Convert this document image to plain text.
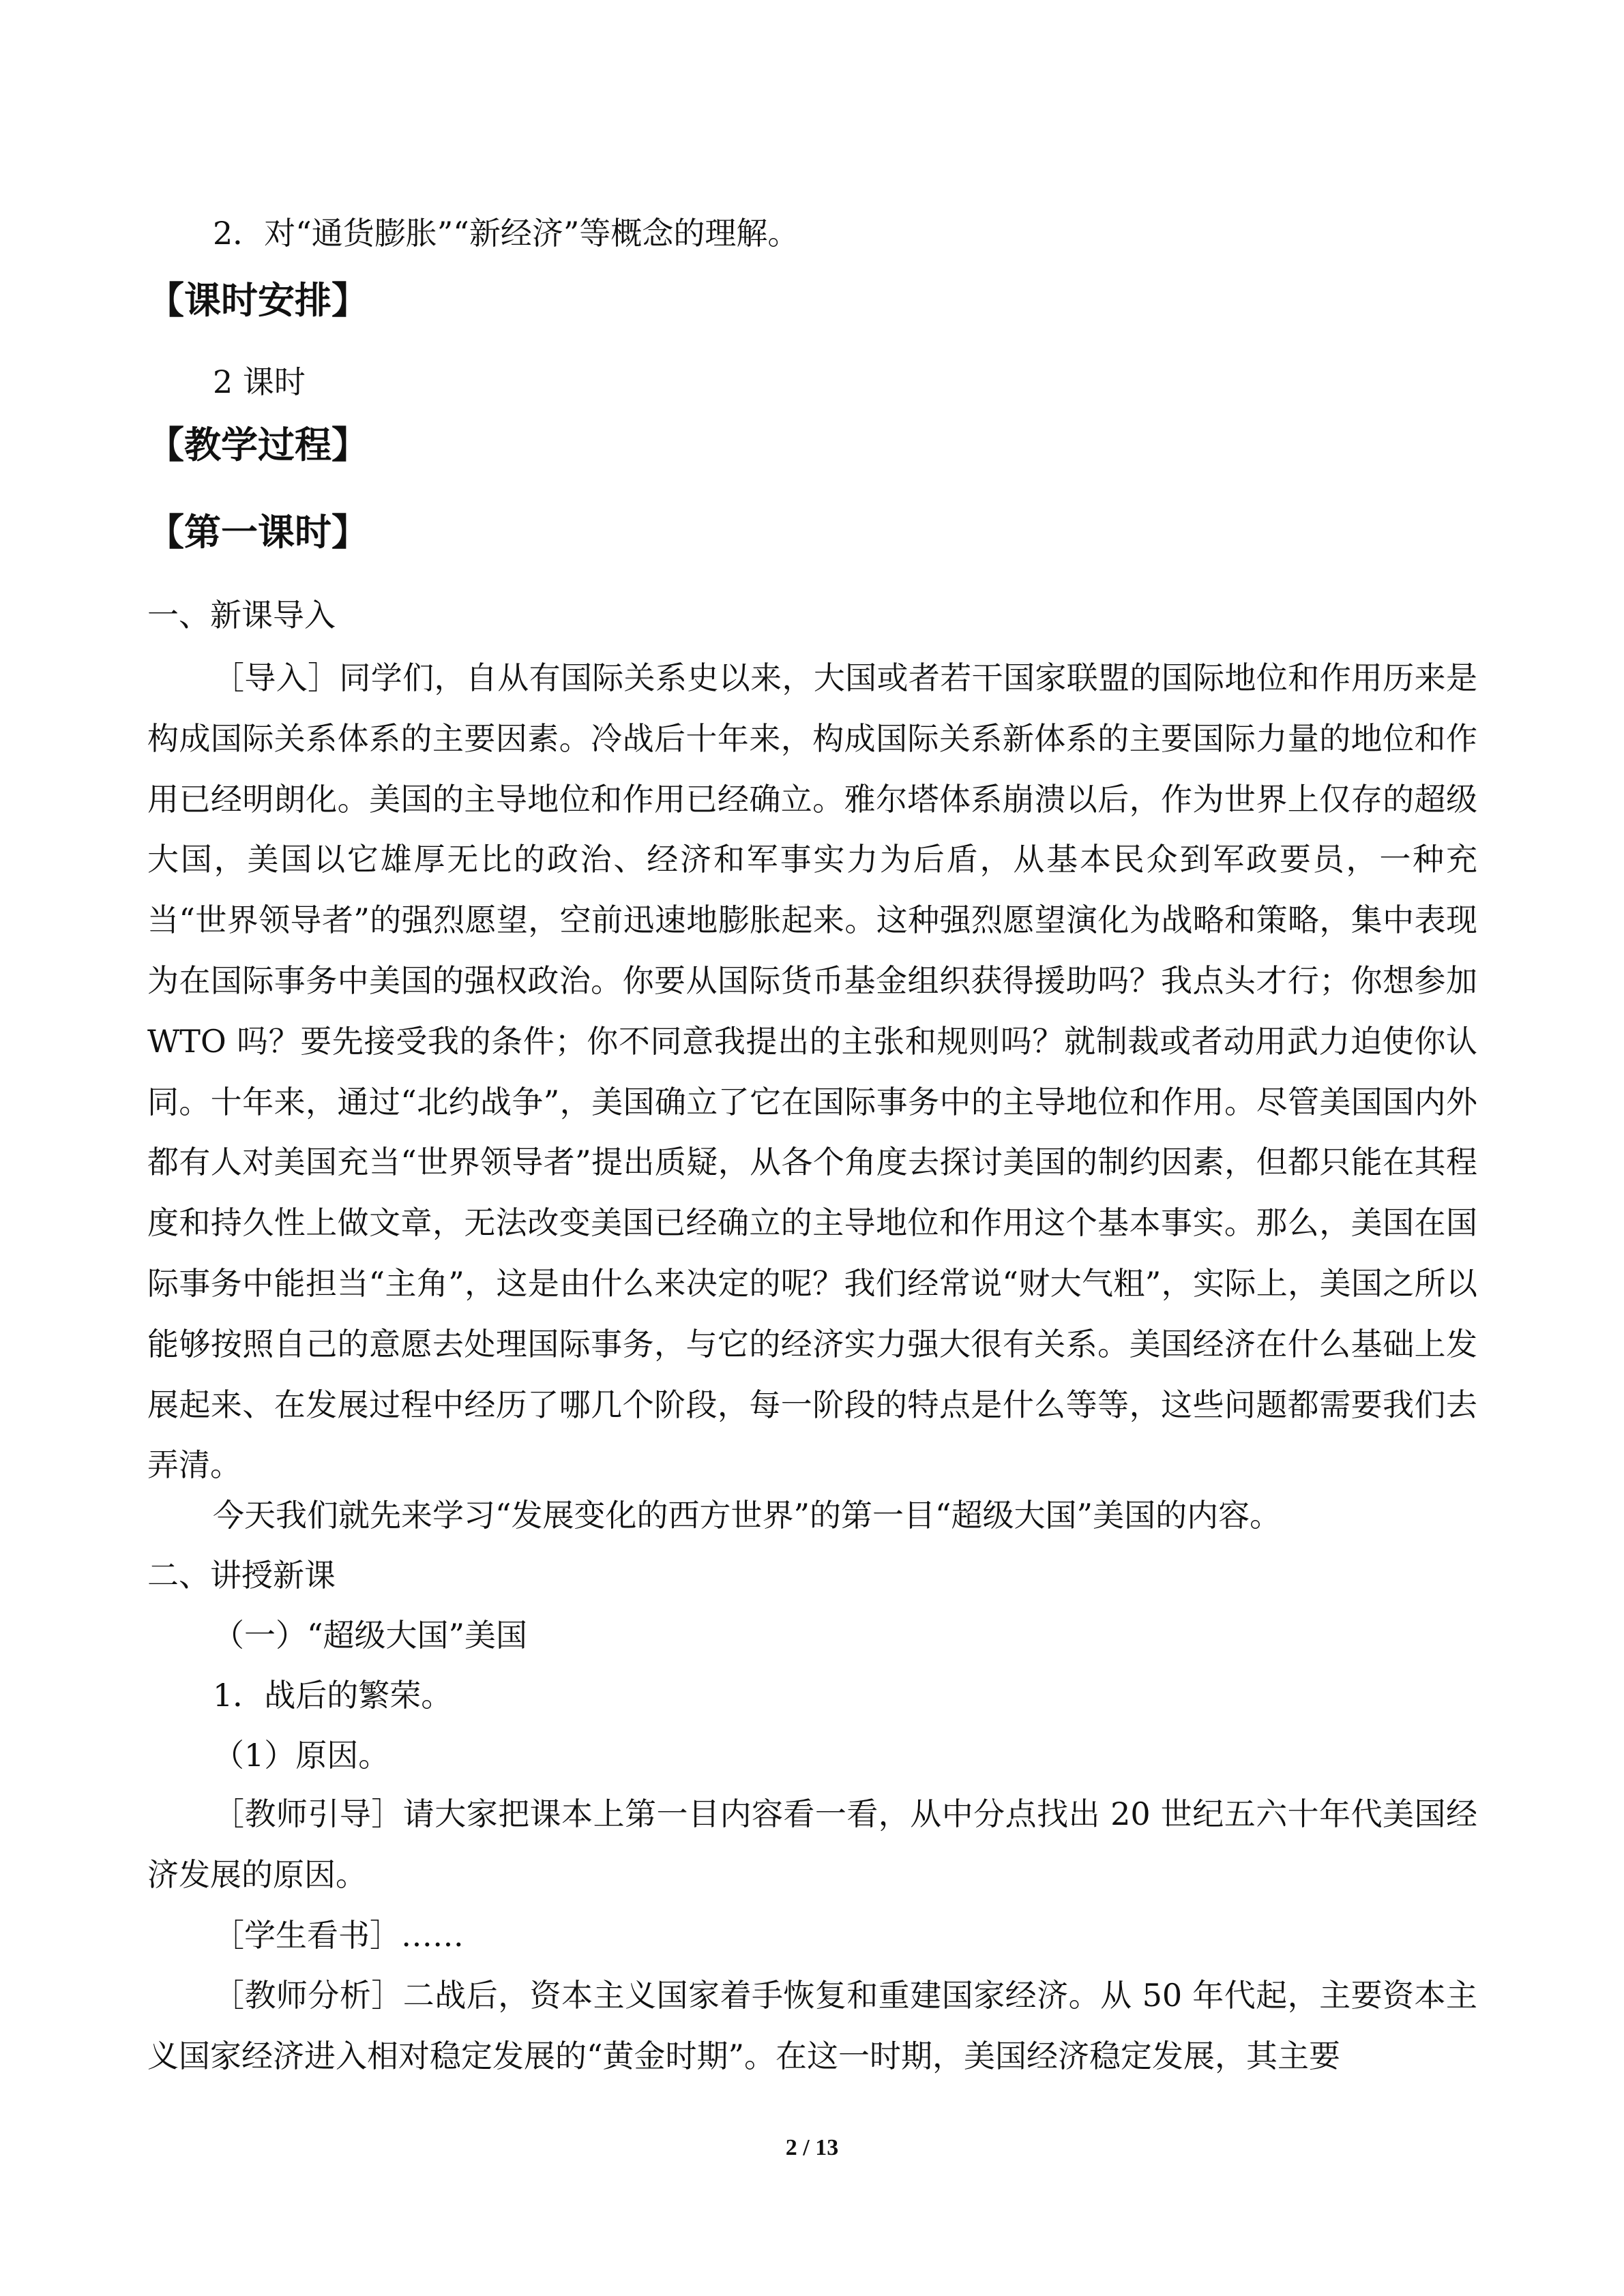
2．对“通货膨胀”“新经济”等概念的理解。

【课时安排】

2 课时

【教学过程】
【第一课时】

一、新课导入

［导入］同学们，自从有国际关系史以来，大国或者若干国家联盟的国际地位和作用历来是构成国际关系体系的主要因素。冷战后十年来，构成国际关系新体系的主要国际力量的地位和作用已经明朗化。美国的主导地位和作用已经确立。雅尔塔体系崩溃以后，作为世界上仅存的超级大国，美国以它雄厚无比的政治、经济和军事实力为后盾，从基本民众到军政要员，一种充当“世界领导者”的强烈愿望，空前迅速地膨胀起来。这种强烈愿望演化为战略和策略，集中表现为在国际事务中美国的强权政治。你要从国际货币基金组织获得援助吗？我点头才行；你想参加 WTO 吗？要先接受我的条件；你不同意我提出的主张和规则吗？就制裁或者动用武力迫使你认同。十年来，通过“北约战争”，美国确立了它在国际事务中的主导地位和作用。尽管美国国内外都有人对美国充当“世界领导者”提出质疑，从各个角度去探讨美国的制约因素，但都只能在其程度和持久性上做文章，无法改变美国已经确立的主导地位和作用这个基本事实。那么，美国在国际事务中能担当“主角”，这是由什么来决定的呢？我们经常说“财大气粗”，实际上，美国之所以能够按照自己的意愿去处理国际事务，与它的经济实力强大很有关系。美国经济在什么基础上发展起来、在发展过程中经历了哪几个阶段，每一阶段的特点是什么等等，这些问题都需要我们去弄清。

今天我们就先来学习“发展变化的西方世界”的第一目“超级大国”美国的内容。

二、讲授新课

（一）“超级大国”美国

1．战后的繁荣。

（1）原因。

［教师引导］请大家把课本上第一目内容看一看，从中分点找出 20 世纪五六十年代美国经济发展的原因。

［学生看书］……

［教师分析］二战后，资本主义国家着手恢复和重建国家经济。从 50 年代起，主要资本主义国家经济进入相对稳定发展的“黄金时期”。在这一时期，美国经济稳定发展，其主要

2 / 13
